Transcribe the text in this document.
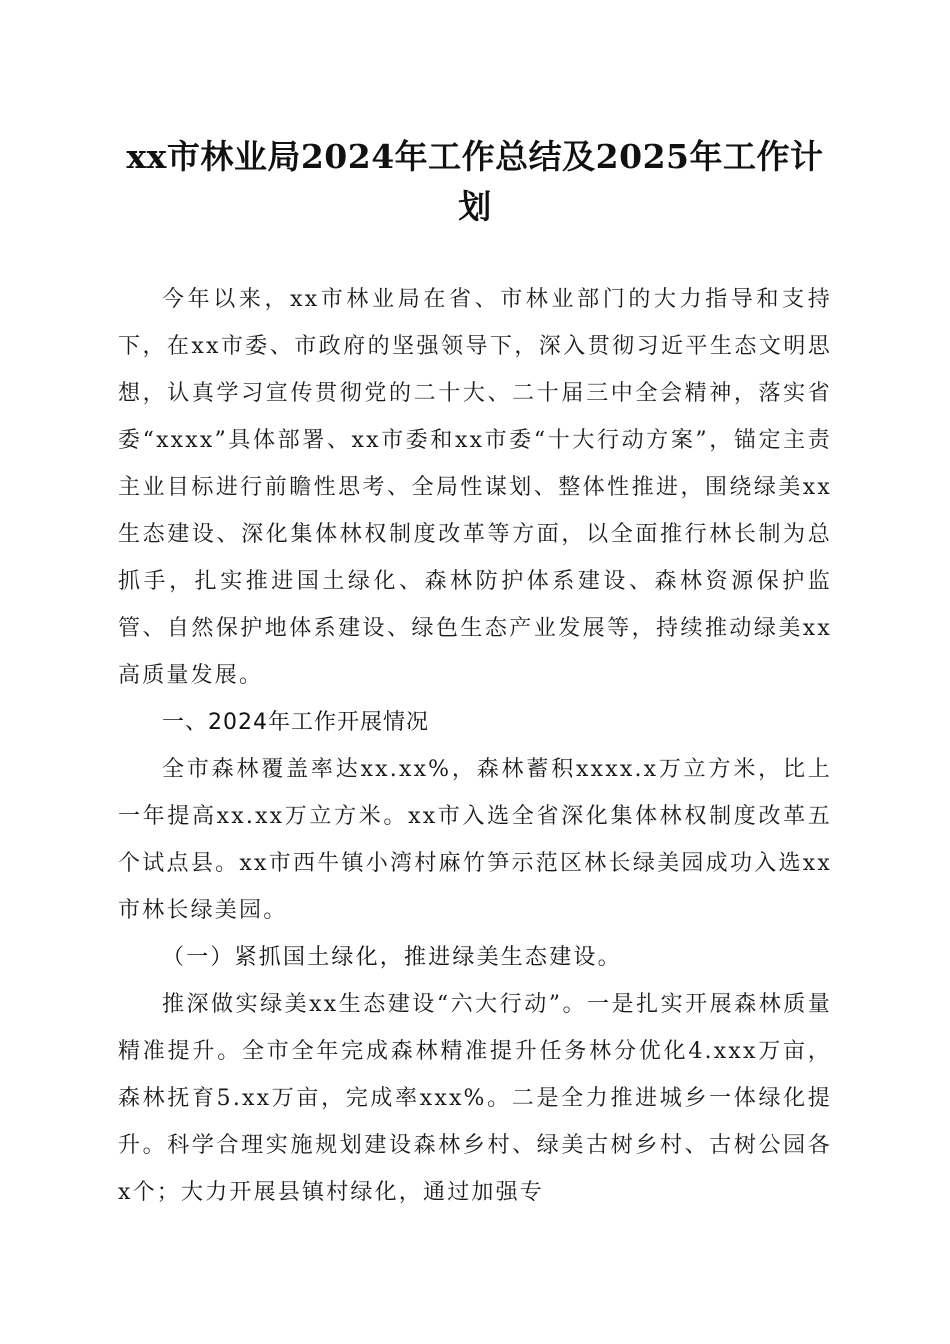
xx市林业局2024年工作总结及2025年工作计划

今年以来，xx市林业局在省、市林业部门的大力指导和支持下，在xx市委、市政府的坚强领导下，深入贯彻习近平生态文明思想，认真学习宣传贯彻党的二十大、二十届三中全会精神，落实省委“xxxx”具体部署、xx市委和xx市委“十大行动方案”，锚定主责主业目标进行前瞻性思考、全局性谋划、整体性推进，围绕绿美xx生态建设、深化集体林权制度改革等方面，以全面推行林长制为总抓手，扎实推进国土绿化、森林防护体系建设、森林资源保护监管、自然保护地体系建设、绿色生态产业发展等，持续推动绿美xx高质量发展。

一、2024年工作开展情况

全市森林覆盖率达xx.xx%，森林蓄积xxxx.x万立方米，比上一年提高xx.xx万立方米。xx市入选全省深化集体林权制度改革五个试点县。xx市西牛镇小湾村麻竹笋示范区林长绿美园成功入选xx市林长绿美园。

（一）紧抓国土绿化，推进绿美生态建设。

推深做实绿美xx生态建设“六大行动”。一是扎实开展森林质量精准提升。全市全年完成森林精准提升任务林分优化4.xxx万亩，森林抚育5.xx万亩，完成率xxx%。二是全力推进城乡一体绿化提升。科学合理实施规划建设森林乡村、绿美古树乡村、古树公园各x个；大力开展县镇村绿化，通过加强专
